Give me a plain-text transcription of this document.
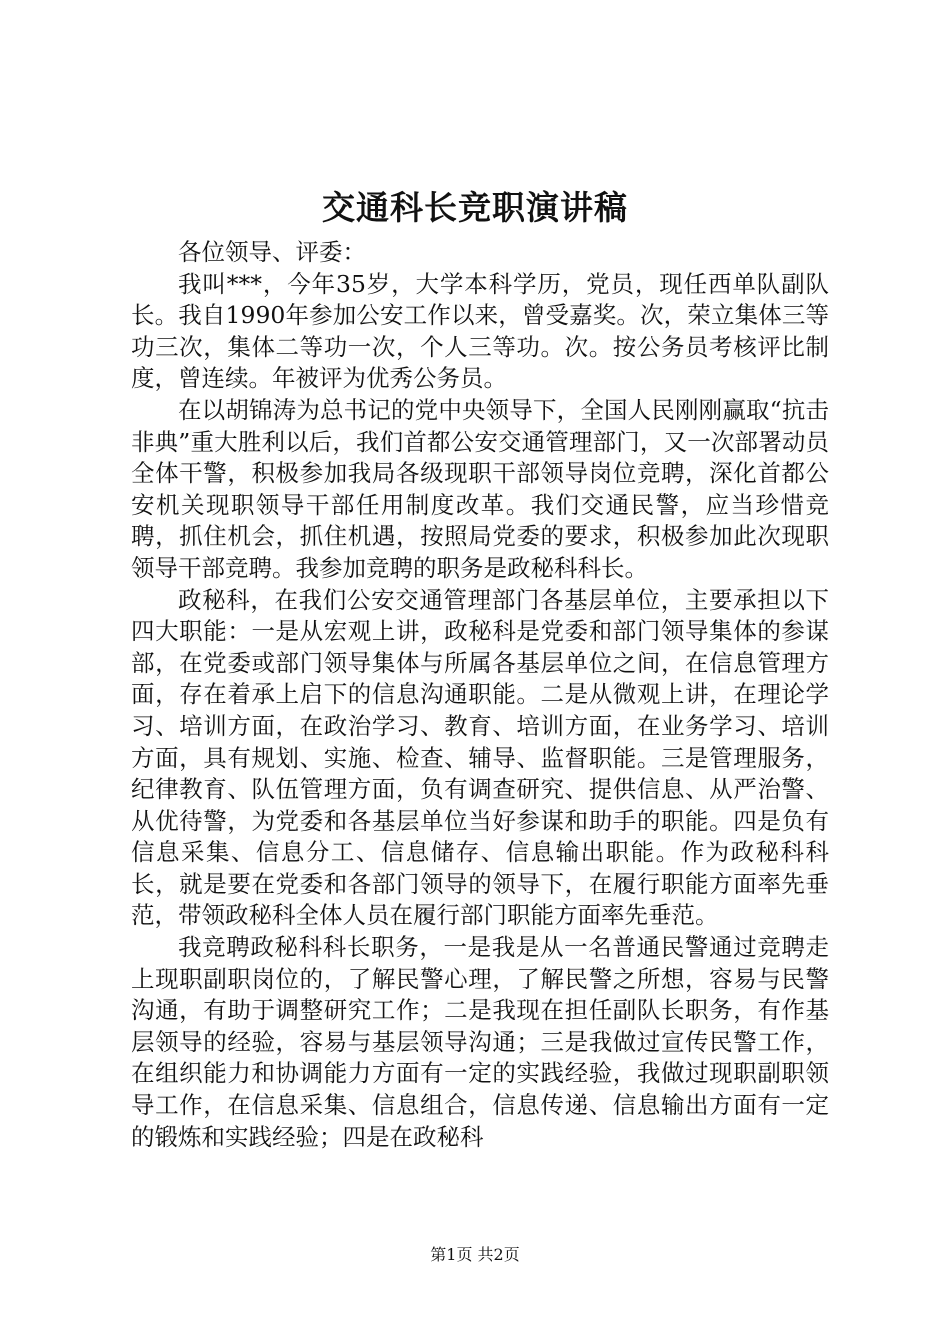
交通科长竞职演讲稿

各位领导、评委：

我叫***，今年35岁，大学本科学历，党员，现任西单队副队长。我自1990年参加公安工作以来，曾受嘉奖。次，荣立集体三等功三次，集体二等功一次，个人三等功。次。按公务员考核评比制度，曾连续。年被评为优秀公务员。

在以胡锦涛为总书记的党中央领导下，全国人民刚刚赢取“抗击非典”重大胜利以后，我们首都公安交通管理部门，又一次部署动员全体干警，积极参加我局各级现职干部领导岗位竞聘，深化首都公安机关现职领导干部任用制度改革。我们交通民警，应当珍惜竞聘，抓住机会，抓住机遇，按照局党委的要求，积极参加此次现职领导干部竞聘。我参加竞聘的职务是政秘科科长。

政秘科，在我们公安交通管理部门各基层单位，主要承担以下四大职能：一是从宏观上讲，政秘科是党委和部门领导集体的参谋部，在党委或部门领导集体与所属各基层单位之间，在信息管理方面，存在着承上启下的信息沟通职能。二是从微观上讲，在理论学习、培训方面，在政治学习、教育、培训方面，在业务学习、培训方面，具有规划、实施、检查、辅导、监督职能。三是管理服务，纪律教育、队伍管理方面，负有调查研究、提供信息、从严治警、从优待警，为党委和各基层单位当好参谋和助手的职能。四是负有信息采集、信息分工、信息储存、信息输出职能。作为政秘科科长，就是要在党委和各部门领导的领导下，在履行职能方面率先垂范，带领政秘科全体人员在履行部门职能方面率先垂范。

我竞聘政秘科科长职务，一是我是从一名普通民警通过竞聘走上现职副职岗位的，了解民警心理，了解民警之所想，容易与民警沟通，有助于调整研究工作；二是我现在担任副队长职务，有作基层领导的经验，容易与基层领导沟通；三是我做过宣传民警工作，在组织能力和协调能力方面有一定的实践经验，我做过现职副职领导工作，在信息采集、信息组合，信息传递、信息输出方面有一定的锻炼和实践经验；四是在政秘科

第1页 共2页
